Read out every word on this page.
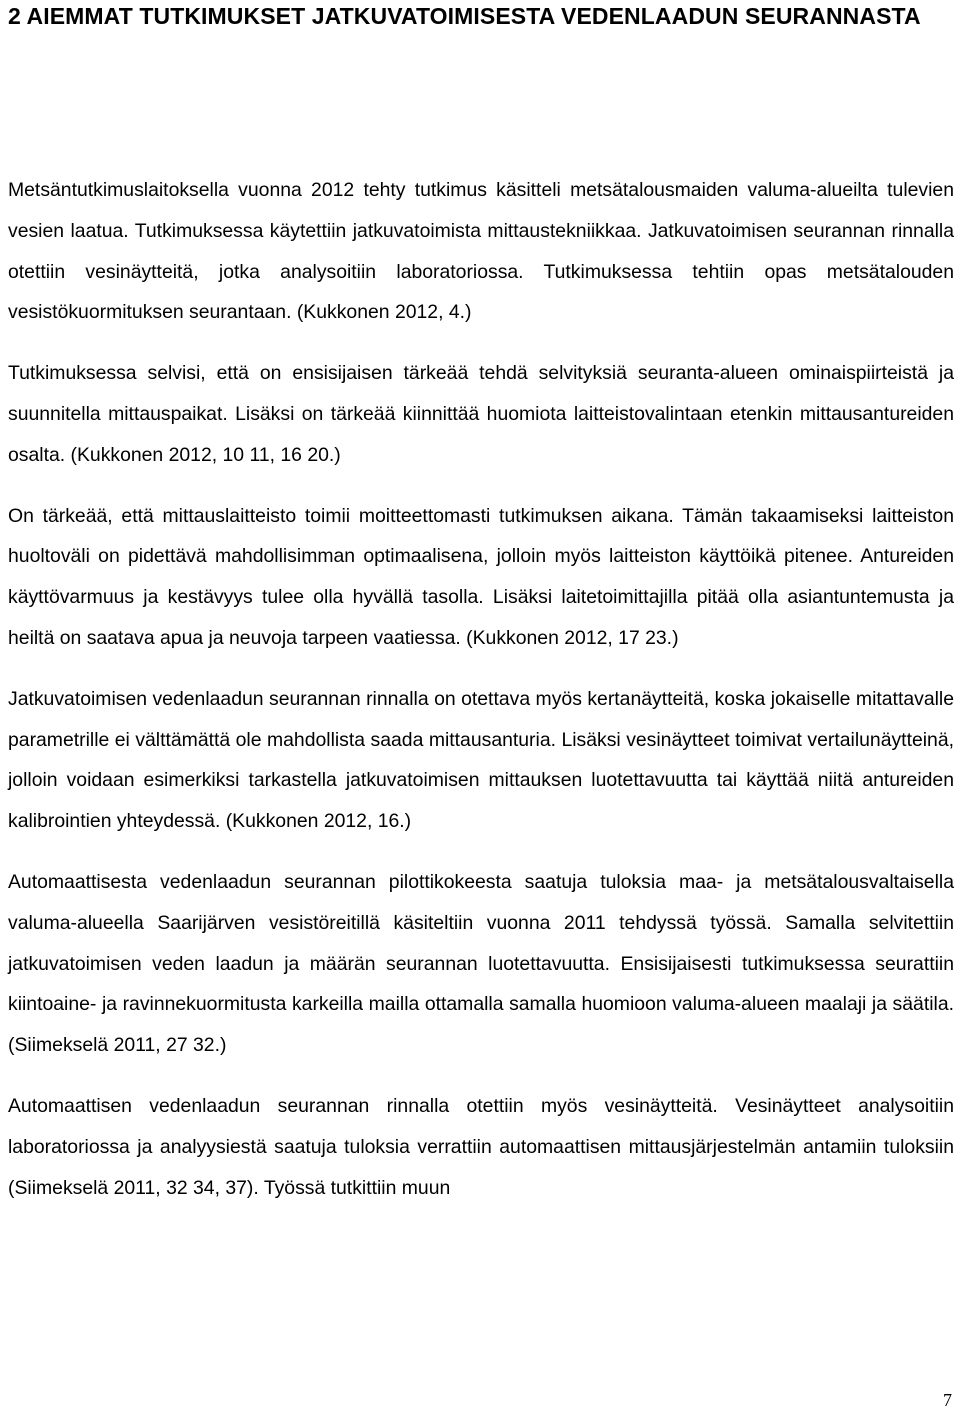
2 AIEMMAT TUTKIMUKSET JATKUVATOIMISESTA VEDENLAADUN SEURANNASTA

Metsäntutkimuslaitoksella vuonna 2012 tehty tutkimus käsitteli metsätalousmaiden valuma-alueilta tulevien vesien laatua. Tutkimuksessa käytettiin jatkuvatoimista mittaustekniikkaa. Jatkuvatoimisen seurannan rinnalla otettiin vesinäytteitä, jotka analysoitiin laboratoriossa. Tutkimuksessa tehtiin opas metsätalouden vesistökuormituksen seurantaan. (Kukkonen 2012, 4.)

Tutkimuksessa selvisi, että on ensisijaisen tärkeää tehdä selvityksiä seuranta-alueen ominaispiirteistä ja suunnitella mittauspaikat. Lisäksi on tärkeää kiinnittää huomiota laitteistovalintaan etenkin mittausantureiden osalta. (Kukkonen 2012, 10 11, 16 20.)

On tärkeää, että mittauslaitteisto toimii moitteettomasti tutkimuksen aikana. Tämän takaamiseksi laitteiston huoltoväli on pidettävä mahdollisimman optimaalisena, jolloin myös laitteiston käyttöikä pitenee. Antureiden käyttövarmuus ja kestävyys tulee olla hyvällä tasolla. Lisäksi laitetoimittajilla pitää olla asiantuntemusta ja heiltä on saatava apua ja neuvoja tarpeen vaatiessa. (Kukkonen 2012, 17 23.)

Jatkuvatoimisen vedenlaadun seurannan rinnalla on otettava myös kertanäytteitä, koska jokaiselle mitattavalle parametrille ei välttämättä ole mahdollista saada mittausanturia. Lisäksi vesinäytteet toimivat vertailunäytteinä, jolloin voidaan esimerkiksi tarkastella jatkuvatoimisen mittauksen luotettavuutta tai käyttää niitä antureiden kalibrointien yhteydessä. (Kukkonen 2012, 16.)

Automaattisesta vedenlaadun seurannan pilottikokeesta saatuja tuloksia maa- ja metsätalousvaltaisella valuma-alueella Saarijärven vesistöreitillä käsiteltiin vuonna 2011 tehdyssä työssä. Samalla selvitettiin jatkuvatoimisen veden laadun ja määrän seurannan luotettavuutta. Ensisijaisesti tutkimuksessa seurattiin kiintoaine- ja ravinnekuormitusta karkeilla mailla ottamalla samalla huomioon valuma-alueen maalaji ja säätila. (Siimekselä 2011, 27 32.)

Automaattisen vedenlaadun seurannan rinnalla otettiin myös vesinäytteitä. Vesinäytteet analysoitiin laboratoriossa ja analyysiestä saatuja tuloksia verrattiin automaattisen mittausjärjestelmän antamiin tuloksiin (Siimekselä 2011, 32 34, 37). Työssä tutkittiin muun

7
